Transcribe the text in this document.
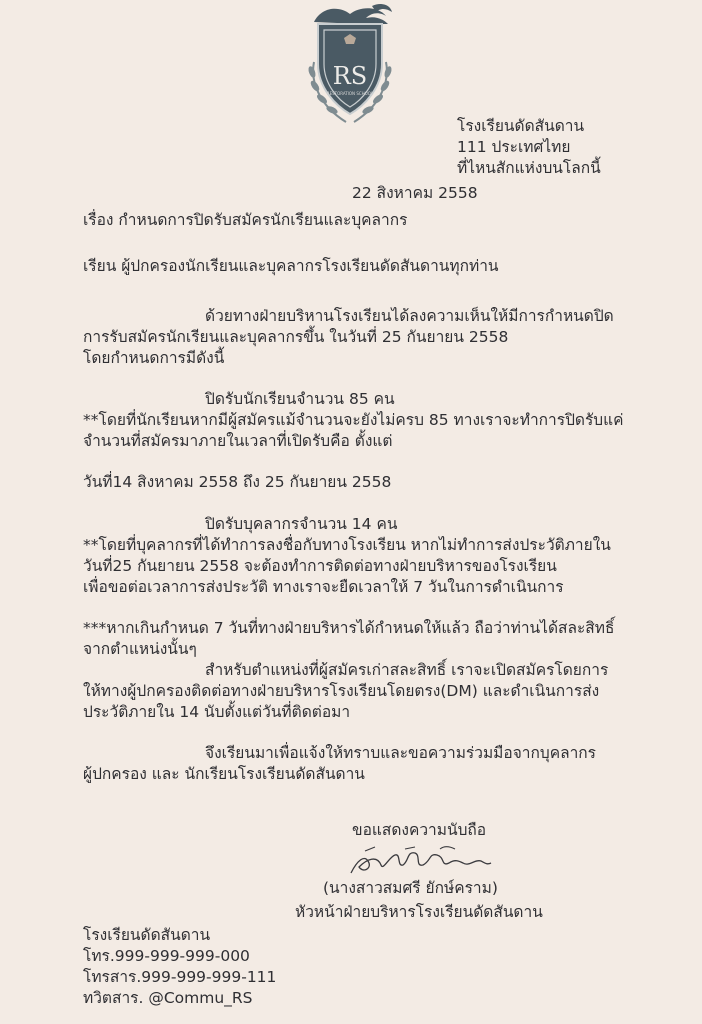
RS
RESTORATION SCHOOL
โรงเรียนดัดสันดาน
111 ประเทศไทย
ที่ไหนสักแห่งบนโลกนี้
22 สิงหาคม 2558
เรื่อง กำหนดการปิดรับสมัครนักเรียนและบุคลากร
เรียน ผู้ปกครองนักเรียนและบุคลากรโรงเรียนดัดสันดานทุกท่าน
ด้วยทางฝ่ายบริหานโรงเรียนได้ลงความเห็นให้มีการกำหนดปิด
การรับสมัครนักเรียนและบุคลากรขึ้น ในวันที่ 25 กันยายน 2558
โดยกำหนดการมีดังนี้
ปิดรับนักเรียนจำนวน 85 คน
**โดยที่นักเรียนหากมีผู้สมัครแม้จำนวนจะยังไม่ครบ 85 ทางเราจะทำการปิดรับแค่
จำนวนที่สมัครมาภายในเวลาที่เปิดรับคือ ตั้งแต่
วันที่14 สิงหาคม 2558 ถึง 25 กันยายน 2558
ปิดรับบุคลากรจำนวน 14 คน
**โดยที่บุคลากรที่ได้ทำการลงชื่อกับทางโรงเรียน หากไม่ทำการส่งประวัติภายใน
วันที่25 กันยายน 2558 จะต้องทำการติดต่อทางฝ่ายบริหารของโรงเรียน
เพื่อขอต่อเวลาการส่งประวัติ ทางเราจะยืดเวลาให้ 7 วันในการดำเนินการ
***หากเกินกำหนด 7 วันที่ทางฝ่ายบริหารได้กำหนดให้แล้ว ถือว่าท่านได้สละสิทธิ์
จากตำแหน่งนั้นๆ
สำหรับตำแหน่งที่ผู้สมัครเก่าสละสิทธิ์ เราจะเปิดสมัครโดยการ
ให้ทางผู้ปกครองติดต่อทางฝ่ายบริหารโรงเรียนโดยตรง(DM) และดำเนินการส่ง
ประวัติภายใน 14 นับตั้งแต่วันที่ติดต่อมา
จึงเรียนมาเพื่อแจ้งให้ทราบและขอความร่วมมือจากบุคลากร
ผู้ปกครอง และ นักเรียนโรงเรียนดัดสันดาน
ขอแสดงความนับถือ
(นางสาวสมศรี ยักษ์คราม)
หัวหน้าฝ่ายบริหารโรงเรียนดัดสันดาน
โรงเรียนดัดสันดาน
โทร.999-999-999-000
โทรสาร.999-999-999-111
ทวิตสาร. @Commu_RS
